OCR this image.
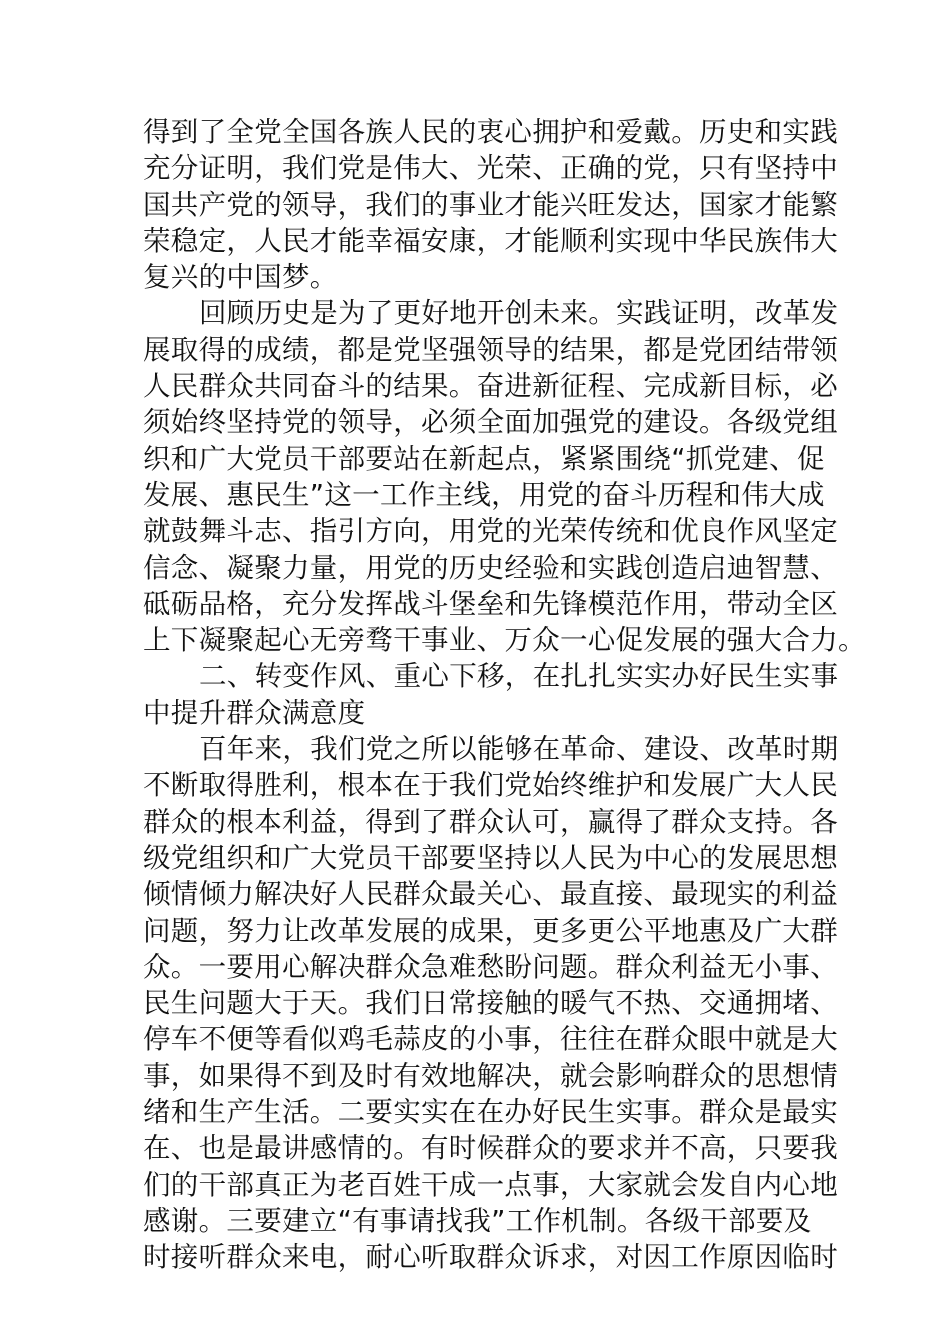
得到了全党全国各族人民的衷心拥护和爱戴。历史和实践
充分证明，我们党是伟大、光荣、正确的党，只有坚持中
国共产党的领导，我们的事业才能兴旺发达，国家才能繁
荣稳定，人民才能幸福安康，才能顺利实现中华民族伟大
复兴的中国梦。
回顾历史是为了更好地开创未来。实践证明，改革发
展取得的成绩，都是党坚强领导的结果，都是党团结带领
人民群众共同奋斗的结果。奋进新征程、完成新目标，必
须始终坚持党的领导，必须全面加强党的建设。各级党组
织和广大党员干部要站在新起点，紧紧围绕“抓党建、促
发展、惠民生”这一工作主线，用党的奋斗历程和伟大成
就鼓舞斗志、指引方向，用党的光荣传统和优良作风坚定
信念、凝聚力量，用党的历史经验和实践创造启迪智慧、
砥砺品格，充分发挥战斗堡垒和先锋模范作用，带动全区
上下凝聚起心无旁骛干事业、万众一心促发展的强大合力。
二、转变作风、重心下移，在扎扎实实办好民生实事
中提升群众满意度
百年来，我们党之所以能够在革命、建设、改革时期
不断取得胜利，根本在于我们党始终维护和发展广大人民
群众的根本利益，得到了群众认可，赢得了群众支持。各
级党组织和广大党员干部要坚持以人民为中心的发展思想
倾情倾力解决好人民群众最关心、最直接、最现实的利益
问题，努力让改革发展的成果，更多更公平地惠及广大群
众。一要用心解决群众急难愁盼问题。群众利益无小事、
民生问题大于天。我们日常接触的暖气不热、交通拥堵、
停车不便等看似鸡毛蒜皮的小事，往往在群众眼中就是大
事，如果得不到及时有效地解决，就会影响群众的思想情
绪和生产生活。二要实实在在办好民生实事。群众是最实
在、也是最讲感情的。有时候群众的要求并不高，只要我
们的干部真正为老百姓干成一点事，大家就会发自内心地
感谢。三要建立“有事请找我”工作机制。各级干部要及
时接听群众来电，耐心听取群众诉求，对因工作原因临时
